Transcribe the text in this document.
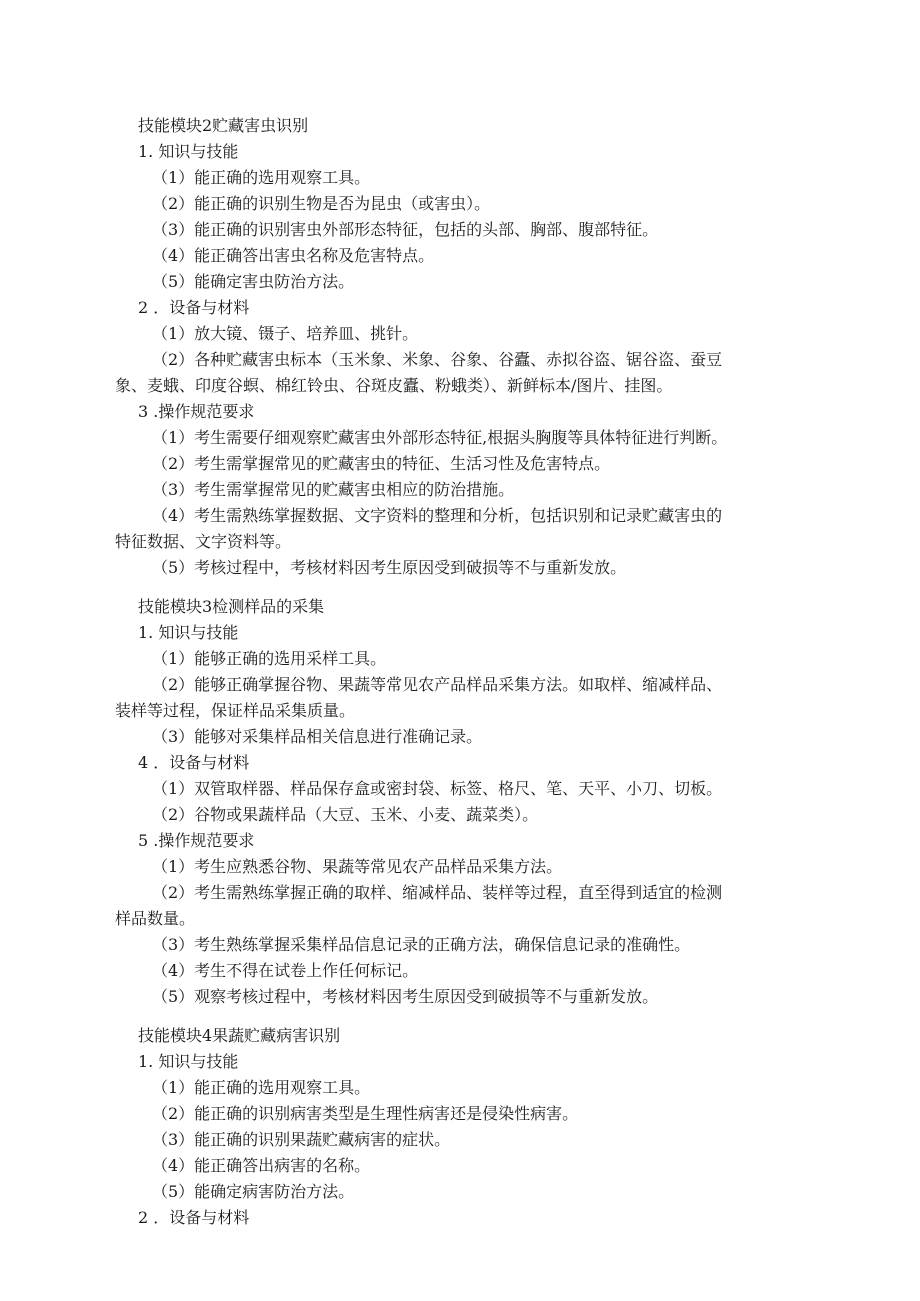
技能模块2贮藏害虫识别
1. 知识与技能
（1）能正确的选用观察工具。
（2）能正确的识别生物是否为昆虫（或害虫）。
（3）能正确的识别害虫外部形态特征，包括的头部、胸部、腹部特征。
（4）能正确答出害虫名称及危害特点。
（5）能确定害虫防治方法。
2 ．设备与材料
（1）放大镜、镊子、培养皿、挑针。
（2）各种贮藏害虫标本（玉米象、米象、谷象、谷蠹、赤拟谷盗、锯谷盗、蚕豆
象、麦蛾、印度谷螟、棉红铃虫、谷斑皮蠹、粉蛾类）、新鲜标本/图片、挂图。
3 .操作规范要求
（1）考生需要仔细观察贮藏害虫外部形态特征,根据头胸腹等具体特征进行判断。
（2）考生需掌握常见的贮藏害虫的特征、生活习性及危害特点。
（3）考生需掌握常见的贮藏害虫相应的防治措施。
（4）考生需熟练掌握数据、文字资料的整理和分析，包括识别和记录贮藏害虫的
特征数据、文字资料等。
（5）考核过程中，考核材料因考生原因受到破损等不与重新发放。
技能模块3检测样品的采集
1. 知识与技能
（1）能够正确的选用采样工具。
（2）能够正确掌握谷物、果蔬等常见农产品样品采集方法。如取样、缩减样品、
装样等过程，保证样品采集质量。
（3）能够对采集样品相关信息进行准确记录。
4 ．设备与材料
（1）双管取样器、样品保存盒或密封袋、标签、格尺、笔、天平、小刀、切板。
（2）谷物或果蔬样品（大豆、玉米、小麦、蔬菜类）。
5 .操作规范要求
（1）考生应熟悉谷物、果蔬等常见农产品样品采集方法。
（2）考生需熟练掌握正确的取样、缩减样品、装样等过程，直至得到适宜的检测
样品数量。
（3）考生熟练掌握采集样品信息记录的正确方法，确保信息记录的准确性。
（4）考生不得在试卷上作任何标记。
（5）观察考核过程中，考核材料因考生原因受到破损等不与重新发放。
技能模块4果蔬贮藏病害识别
1. 知识与技能
（1）能正确的选用观察工具。
（2）能正确的识别病害类型是生理性病害还是侵染性病害。
（3）能正确的识别果蔬贮藏病害的症状。
（4）能正确答出病害的名称。
（5）能确定病害防治方法。
2 ．设备与材料
